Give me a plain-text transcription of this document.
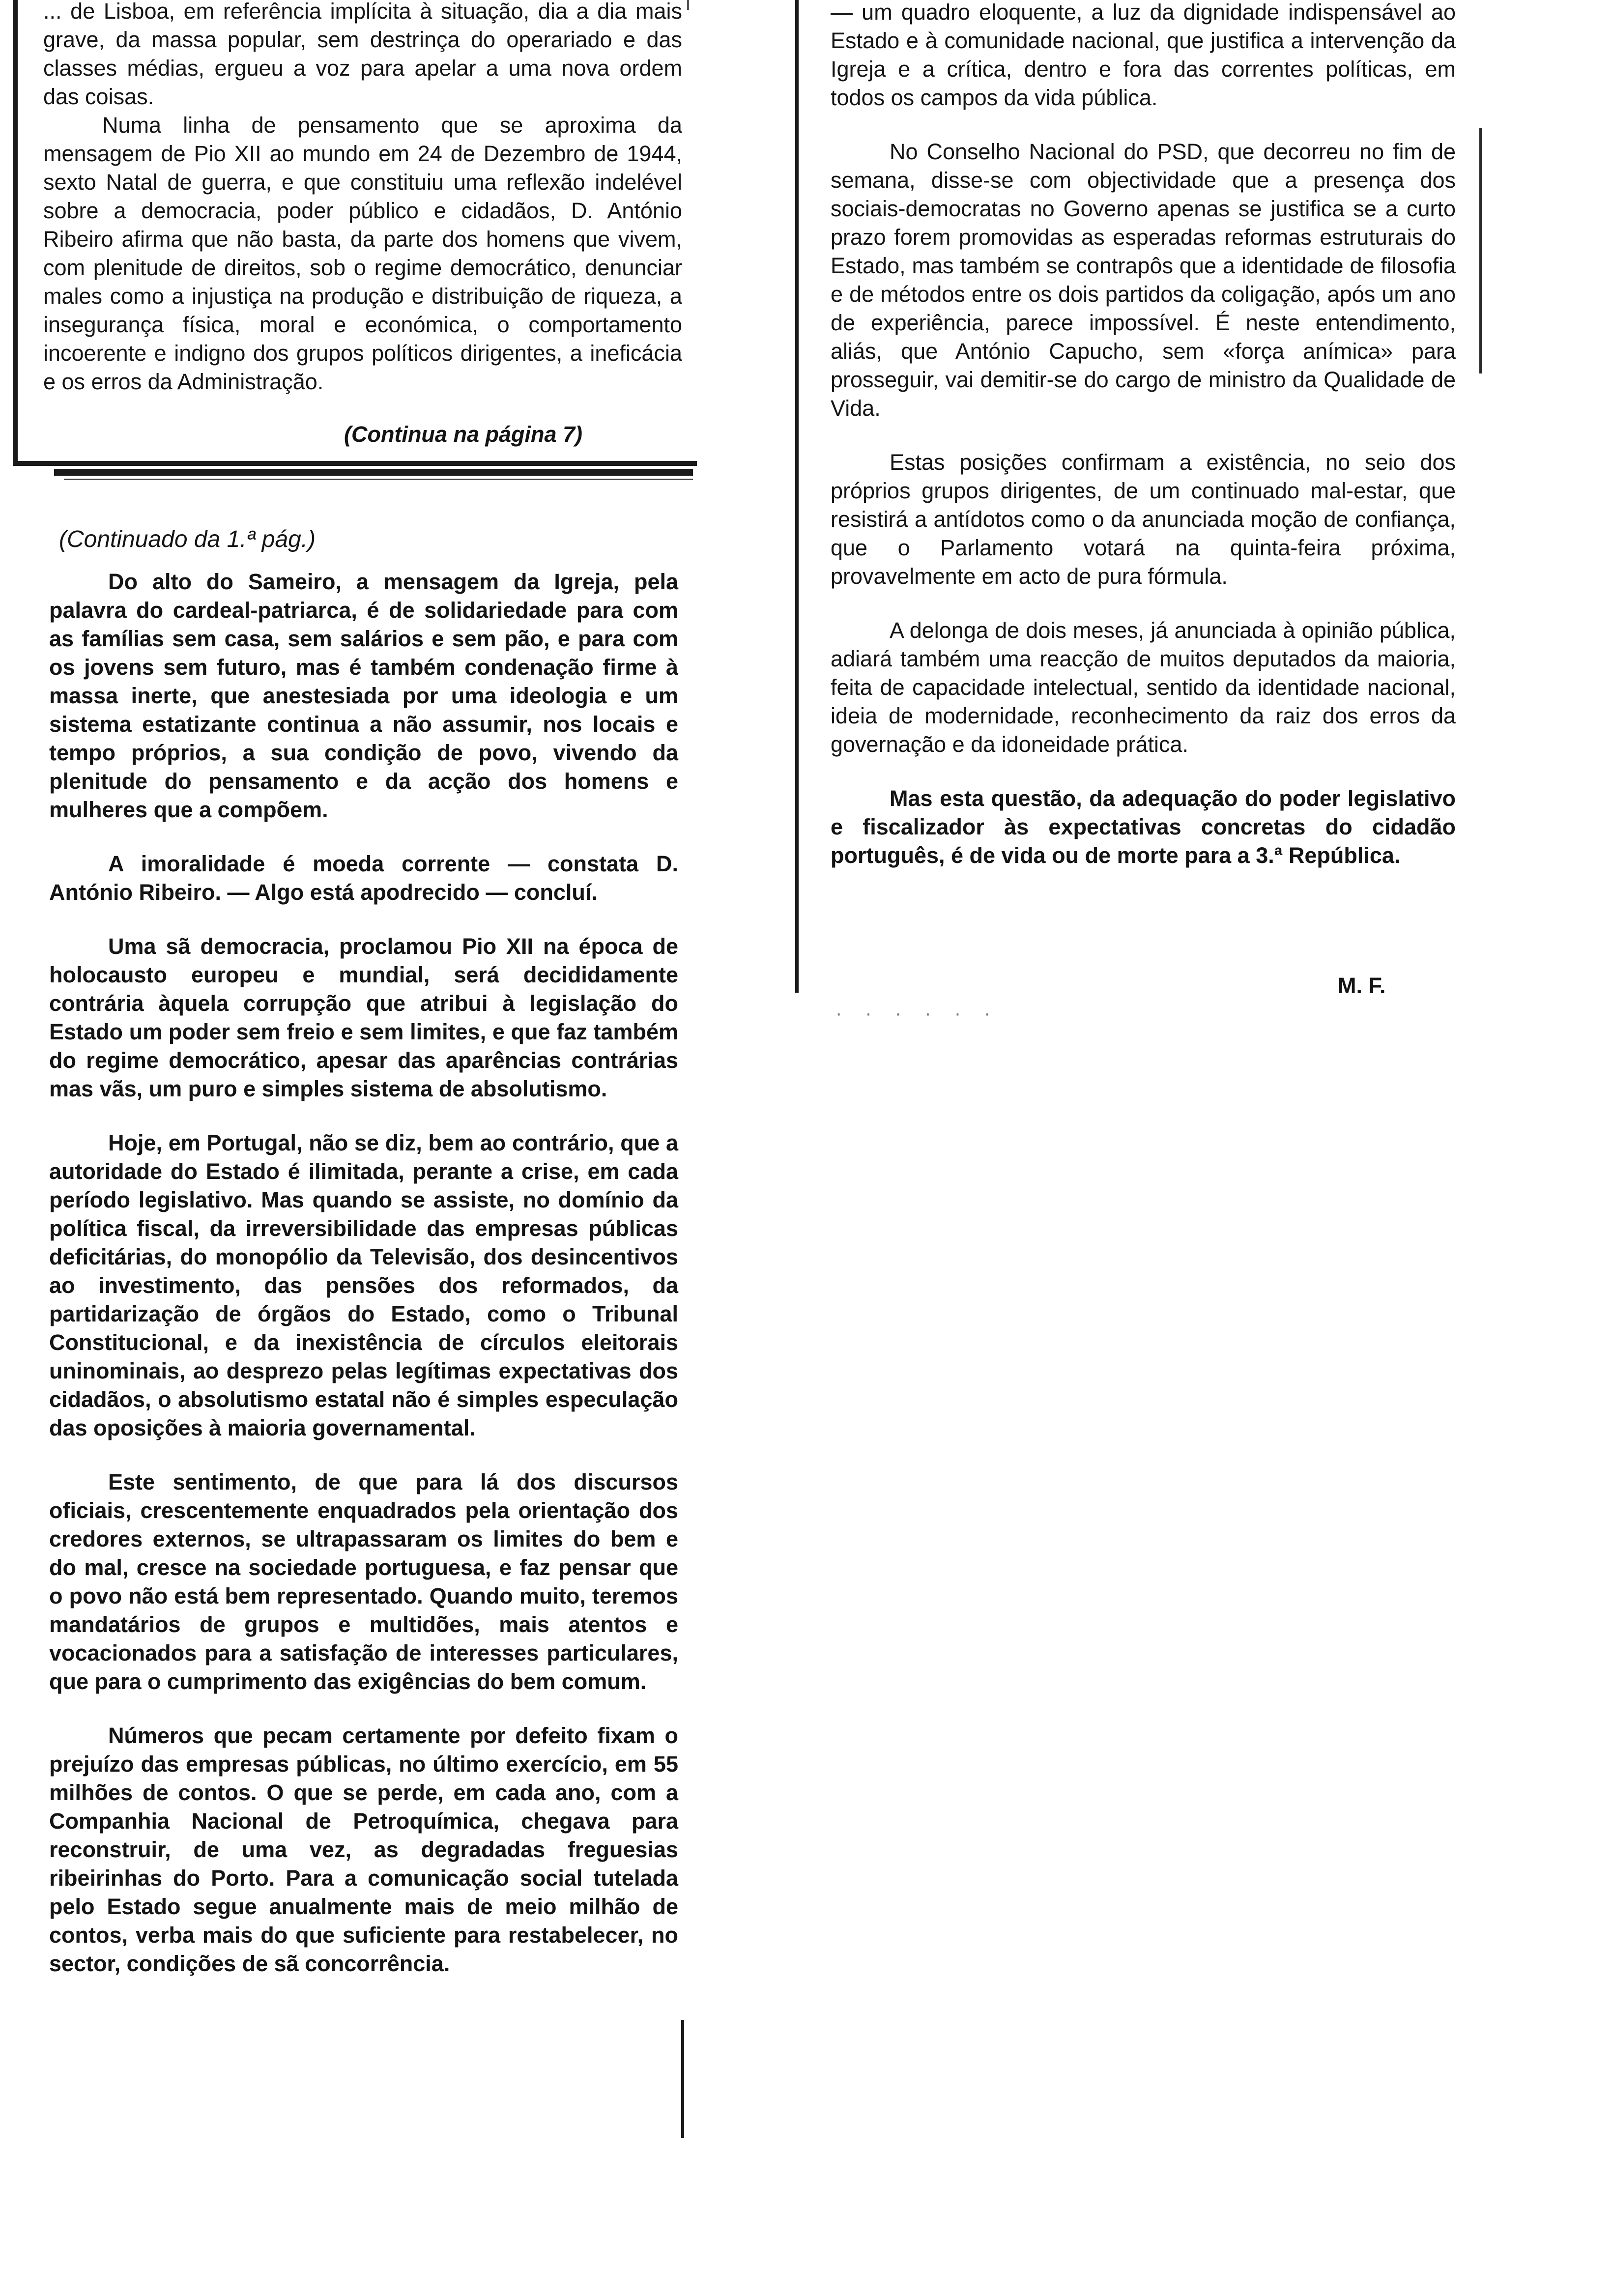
... de Lisboa, em referência implícita à situação, dia a dia mais grave, da massa popular, sem destrinça do operariado e das classes médias, ergueu a voz para apelar a uma nova ordem das coisas.

Numa linha de pensamento que se aproxima da mensagem de Pio XII ao mundo em 24 de Dezembro de 1944, sexto Natal de guerra, e que constituiu uma reflexão indelével sobre a democracia, poder público e cidadãos, D. António Ribeiro afirma que não basta, da parte dos homens que vivem, com plenitude de direitos, sob o regime democrático, denunciar males como a injustiça na produção e distribuição de riqueza, a insegurança física, moral e económica, o comportamento incoerente e indigno dos grupos políticos dirigentes, a ineficácia e os erros da Administração.

(Continua na página 7)

(Continuado da 1.ª pág.)

Do alto do Sameiro, a mensagem da Igreja, pela palavra do cardeal-patriarca, é de solidariedade para com as famílias sem casa, sem salários e sem pão, e para com os jovens sem futuro, mas é também condenação firme à massa inerte, que anestesiada por uma ideologia e um sistema estatizante continua a não assumir, nos locais e tempo próprios, a sua condição de povo, vivendo da plenitude do pensamento e da acção dos homens e mulheres que a compõem.

A imoralidade é moeda corrente — constata D. António Ribeiro. — Algo está apodrecido — concluí.

Uma sã democracia, proclamou Pio XII na época de holocausto europeu e mundial, será decididamente contrária àquela corrupção que atribui à legislação do Estado um poder sem freio e sem limites, e que faz também do regime democrático, apesar das aparências contrárias mas vãs, um puro e simples sistema de absolutismo.

Hoje, em Portugal, não se diz, bem ao contrário, que a autoridade do Estado é ilimitada, perante a crise, em cada período legislativo. Mas quando se assiste, no domínio da política fiscal, da irreversibilidade das empresas públicas deficitárias, do monopólio da Televisão, dos desincentivos ao investimento, das pensões dos reformados, da partidarização de órgãos do Estado, como o Tribunal Constitucional, e da inexistência de círculos eleitorais uninominais, ao desprezo pelas legítimas expectativas dos cidadãos, o absolutismo estatal não é simples especulação das oposições à maioria governamental.

Este sentimento, de que para lá dos discursos oficiais, crescentemente enquadrados pela orientação dos credores externos, se ultrapassaram os limites do bem e do mal, cresce na sociedade portuguesa, e faz pensar que o povo não está bem representado. Quando muito, teremos mandatários de grupos e multidões, mais atentos e vocacionados para a satisfação de interesses particulares, que para o cumprimento das exigências do bem comum.

Números que pecam certamente por defeito fixam o prejuízo das empresas públicas, no último exercício, em 55 milhões de contos. O que se perde, em cada ano, com a Companhia Nacional de Petroquímica, chegava para reconstruir, de uma vez, as degradadas freguesias ribeirinhas do Porto. Para a comunicação social tutelada pelo Estado segue anualmente mais de meio milhão de contos, verba mais do que suficiente para restabelecer, no sector, condições de sã concorrência.

— um quadro eloquente, a luz da dignidade indispensável ao Estado e à comunidade nacional, que justifica a intervenção da Igreja e a crítica, dentro e fora das correntes políticas, em todos os campos da vida pública.

No Conselho Nacional do PSD, que decorreu no fim de semana, disse-se com objectividade que a presença dos sociais-democratas no Governo apenas se justifica se a curto prazo forem promovidas as esperadas reformas estruturais do Estado, mas também se contrapôs que a identidade de filosofia e de métodos entre os dois partidos da coligação, após um ano de experiência, parece impossível. É neste entendimento, aliás, que António Capucho, sem «força anímica» para prosseguir, vai demitir-se do cargo de ministro da Qualidade de Vida.

Estas posições confirmam a existência, no seio dos próprios grupos dirigentes, de um continuado mal-estar, que resistirá a antídotos como o da anunciada moção de confiança, que o Parlamento votará na quinta-feira próxima, provavelmente em acto de pura fórmula.

A delonga de dois meses, já anunciada à opinião pública, adiará também uma reacção de muitos deputados da maioria, feita de capacidade intelectual, sentido da identidade nacional, ideia de modernidade, reconhecimento da raiz dos erros da governação e da idoneidade prática.

Mas esta questão, da adequação do poder legislativo e fiscalizador às expectativas concretas do cidadão português, é de vida ou de morte para a 3.ª República.

M. F.
· · · · · ·
